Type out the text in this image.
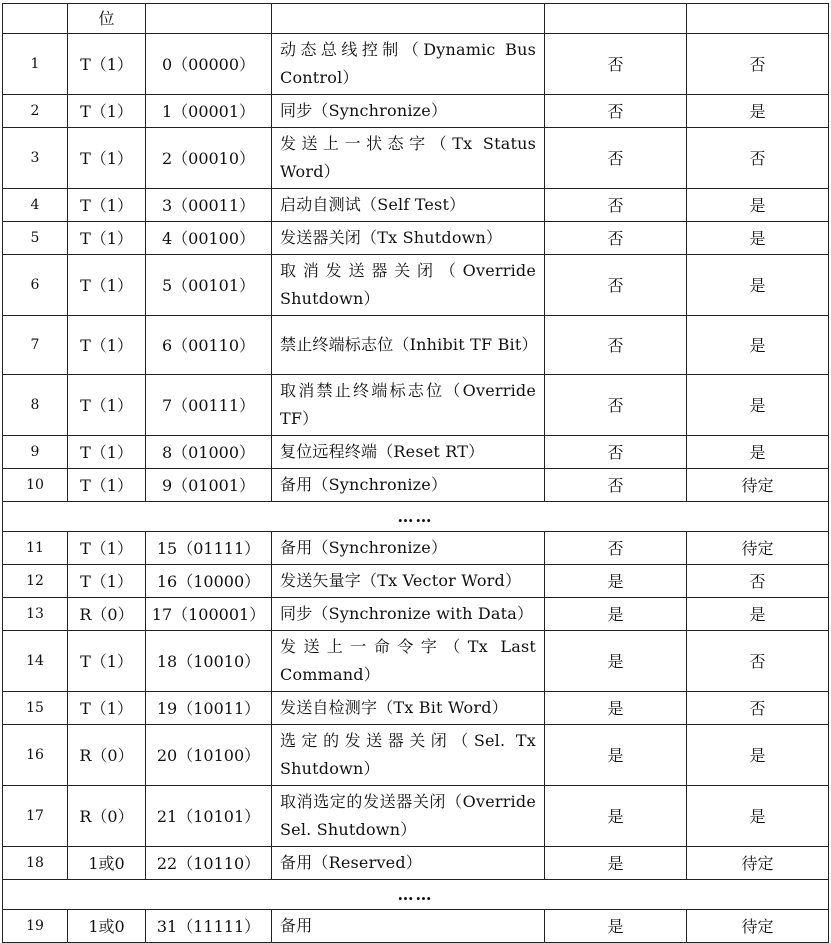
	位				
1	T（1）	0（00000）	动态总线控制（Dynamic Bus Control）	否	否
2	T（1）	1（00001）	同步（Synchronize）	否	是
3	T（1）	2（00010）	发送上一状态字（Tx Status Word）	否	否
4	T（1）	3（00011）	启动自测试（Self Test）	否	是
5	T（1）	4（00100）	发送器关闭（Tx Shutdown）	否	是
6	T（1）	5（00101）	取消发送器关闭（Override Shutdown）	否	是
7	T（1）	6（00110）	禁止终端标志位（Inhibit TF Bit）	否	是
8	T（1）	7（00111）	取消禁止终端标志位（Override TF）	否	是
9	T（1）	8（01000）	复位远程终端（Reset RT）	否	是
10	T（1）	9（01001）	备用（Synchronize）	否	待定
……					
11	T（1）	15（01111）	备用（Synchronize）	否	待定
12	T（1）	16（10000）	发送矢量字（Tx Vector Word）	是	否
13	R（0）	17（100001）	同步（Synchronize with Data）	是	是
14	T（1）	18（10010）	发送上一命令字（Tx Last Command）	是	否
15	T（1）	19（10011）	发送自检测字（Tx Bit Word）	是	否
16	R（0）	20（10100）	选定的发送器关闭（Sel. Tx Shutdown）	是	是
17	R（0）	21（10101）	取消选定的发送器关闭（Override Sel. Shutdown）	是	是
18	1或0	22（10110）	备用（Reserved）	是	待定
……					
19	1或0	31（11111）	备用	是	待定
